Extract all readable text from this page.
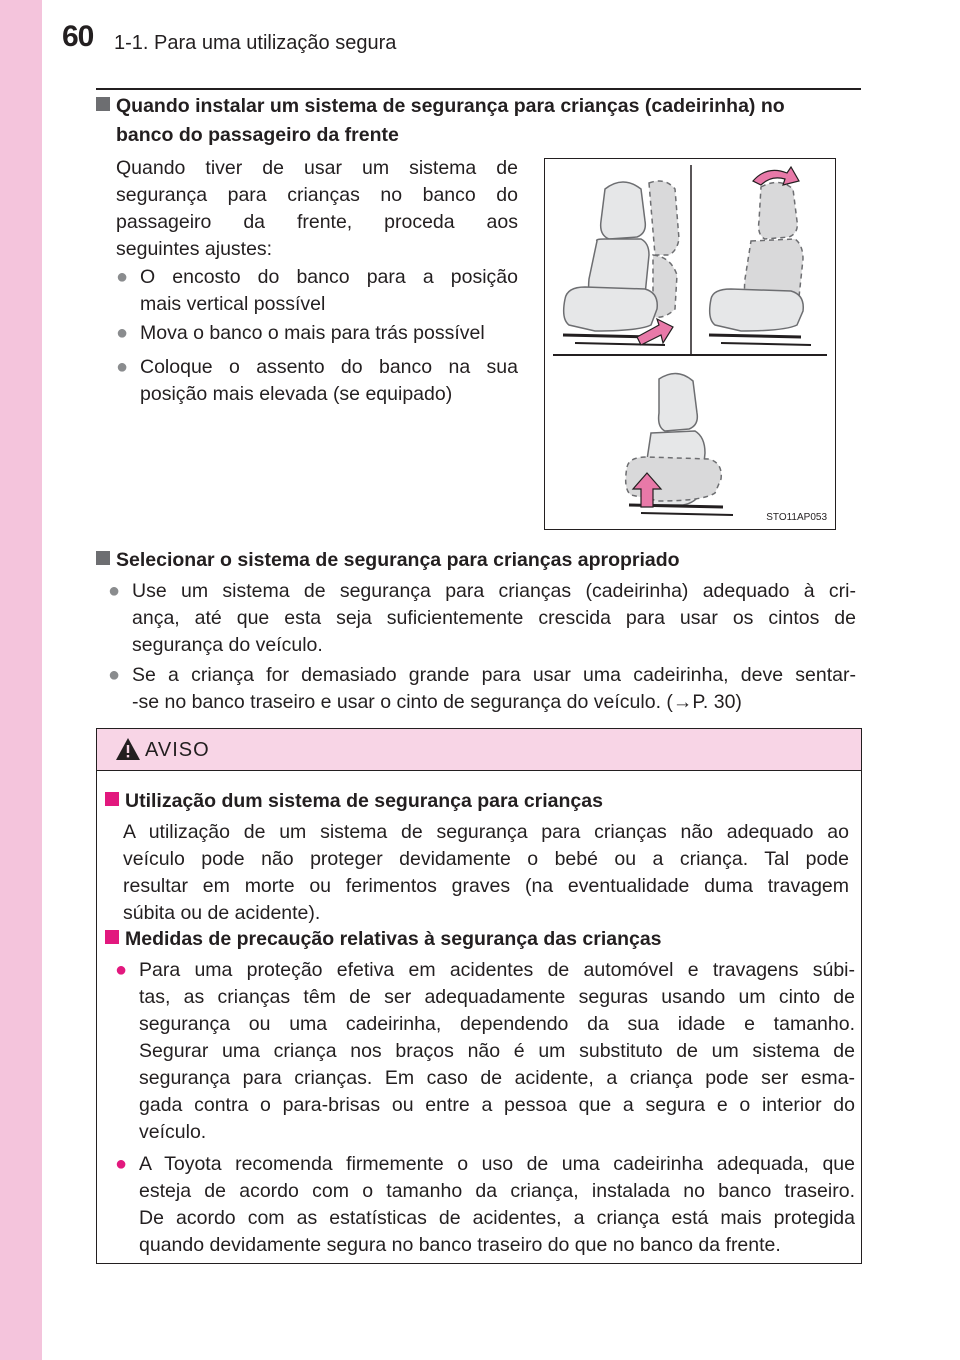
60 1-1. Para uma utilização segura
Quando instalar um sistema de segurança para crianças (cadeirinha) no
banco do passageiro da frente
Quando tiver de usar um sistema de
segurança para crianças no banco do
passageiro da frente, proceda aos
seguintes ajustes:
● O encosto do banco para a posição
mais vertical possível
● Mova o banco o mais para trás possível
● Coloque o assento do banco na sua
posição mais elevada (se equipado)
STO11AP053
Selecionar o sistema de segurança para crianças apropriado
● Use um sistema de segurança para crianças (cadeirinha) adequado à cri-
ança, até que esta seja suficientemente crescida para usar os cintos de
segurança do veículo.
● Se a criança for demasiado grande para usar uma cadeirinha, deve sentar-
-se no banco traseiro e usar o cinto de segurança do veículo. (→P. 30)
AVISO
Utilização dum sistema de segurança para crianças
A utilização de um sistema de segurança para crianças não adequado ao
veículo pode não proteger devidamente o bebé ou a criança. Tal pode
resultar em morte ou ferimentos graves (na eventualidade duma travagem
súbita ou de acidente).
Medidas de precaução relativas à segurança das crianças
● Para uma proteção efetiva em acidentes de automóvel e travagens súbi-
tas, as crianças têm de ser adequadamente seguras usando um cinto de
segurança ou uma cadeirinha, dependendo da sua idade e tamanho.
Segurar uma criança nos braços não é um substituto de um sistema de
segurança para crianças. Em caso de acidente, a criança pode ser esma-
gada contra o para-brisas ou entre a pessoa que a segura e o interior do
veículo.
● A Toyota recomenda firmemente o uso de uma cadeirinha adequada, que
esteja de acordo com o tamanho da criança, instalada no banco traseiro.
De acordo com as estatísticas de acidentes, a criança está mais protegida
quando devidamente segura no banco traseiro do que no banco da frente.
